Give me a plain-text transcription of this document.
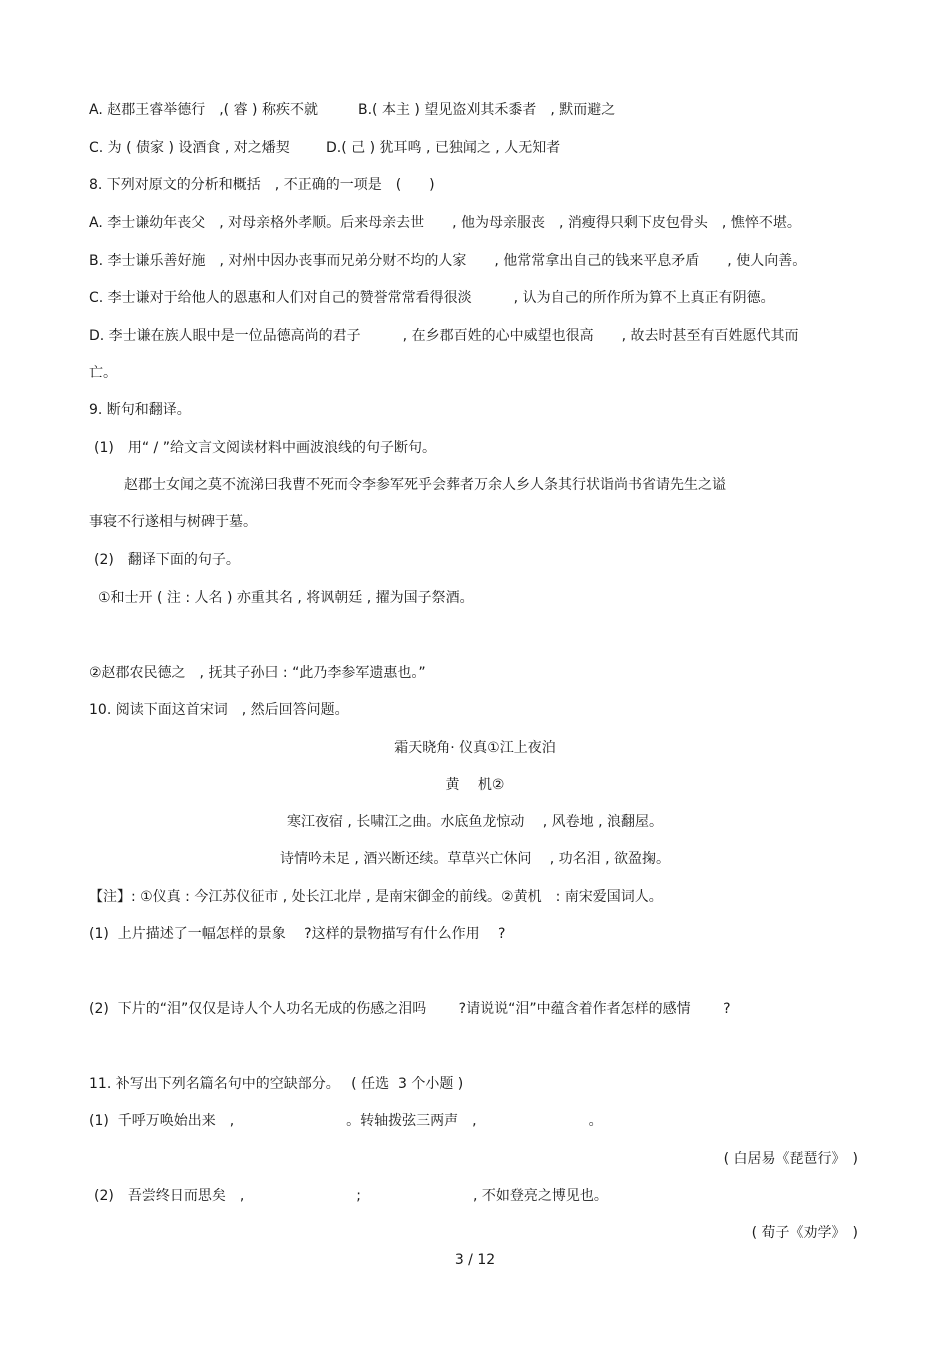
A. 赵郡王睿举德行　,( 睿 ) 称疾不就	B.( 本主 ) 望见盗刈其禾黍者　, 默而避之
C. 为 ( 债家 ) 设酒食 , 对之燔契	D.( 己 ) 犹耳鸣 , 已独闻之 , 人无知者
8. 下列对原文的分析和概括　, 不正确的一项是　(　　)
A. 李士谦幼年丧父　, 对母亲格外孝顺。后来母亲去世　　, 他为母亲服丧　, 消瘦得只剩下皮包骨头　, 憔悴不堪。
B. 李士谦乐善好施　, 对州中因办丧事而兄弟分财不均的人家　　, 他常常拿出自己的钱来平息矛盾　　, 使人向善。
C. 李士谦对于给他人的恩惠和人们对自己的赞誉常常看得很淡　　　, 认为自己的所作所为算不上真正有阴德。
D. 李士谦在族人眼中是一位品德高尚的君子　　　, 在乡郡百姓的心中威望也很高　　, 故去时甚至有百姓愿代其而
亡。
9. 断句和翻译。
(1)　用“ / ”给文言文阅读材料中画波浪线的句子断句。
赵郡士女闻之莫不流涕曰我曹不死而令李参军死乎会葬者万余人乡人条其行状诣尚书省请先生之谥
事寝不行遂相与树碑于墓。
(2)　翻译下面的句子。
①和士开 ( 注 : 人名 ) 亦重其名 , 将讽朝廷 , 擢为国子祭酒。
②赵郡农民德之　, 抚其子孙曰 : “此乃李参军遗惠也。”
10. 阅读下面这首宋词　, 然后回答问题。
霜天晓角· 仪真①江上夜泊
黄　 机②
寒江夜宿 , 长啸江之曲。水底鱼龙惊动　 , 风卷地 , 浪翻屋。
诗情吟未足 , 酒兴断还续。草草兴亡休问　 , 功名泪 , 欲盈掬。
【注】: ①仪真 : 今江苏仪征市 , 处长江北岸 , 是南宋御金的前线。②黄机　: 南宋爱国词人。
(1)  上片描述了一幅怎样的景象　 ?这样的景物描写有什么作用　 ?
(2)  下片的“泪”仅仅是诗人个人功名无成的伤感之泪吗　　 ?请说说“泪”中蕴含着作者怎样的感情　　 ?
11. 补写出下列名篇名句中的空缺部分。　 ( 任选  3 个小题 )
(1)  千呼万唤始出来　,　　　　　　　　。转轴拨弦三两声　,　　　　　　　　。
( 白居易《琵琶行》　)
(2)　吾尝终日而思矣　,　　　　　　　　;　　　　　　　　, 不如登亮之博见也。
( 荀子《劝学》　)
3 / 12
